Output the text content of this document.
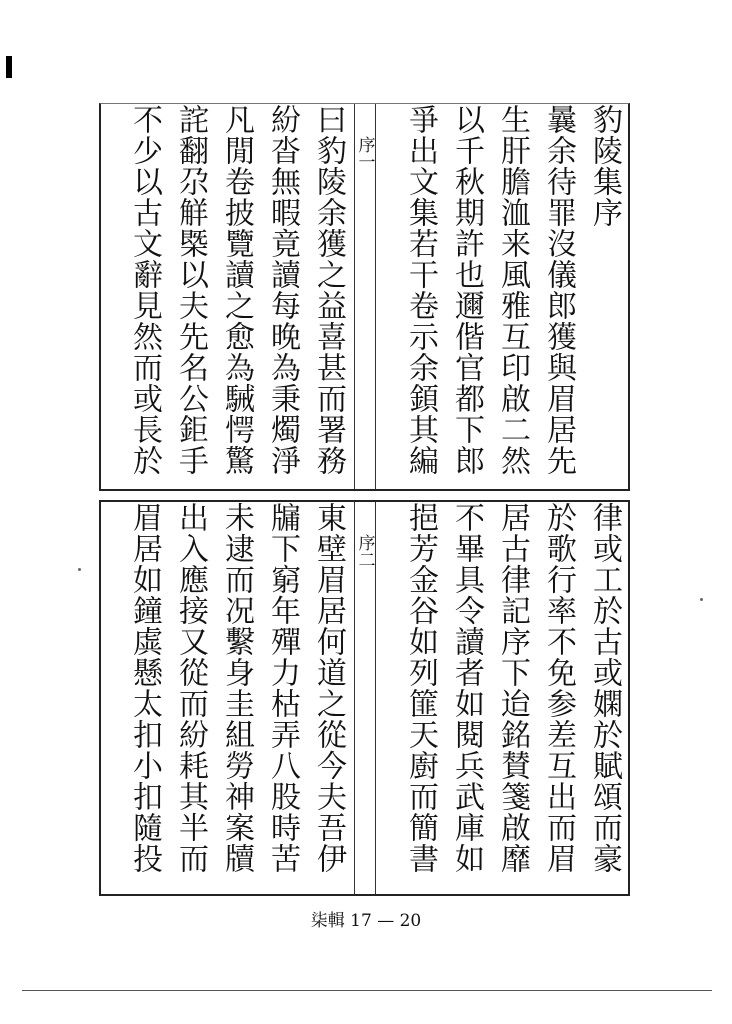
豹陵集序
曩余待罪沒儀郎獲與眉居先
生肝膽洫来風雅互印啟二然
以千秋期許也邇偕官都下郎
爭出文集若干卷示余顉其編
序一
曰豹陵余獲之益喜甚而署務
紛沓無暇竟讀每晚為秉燭淨
凡閒卷披覽讀之愈為駴愕驚
詫翻尕觧㮣以夫先名公鉅手
不少以古文辭見然而或長於
律或工於古或嫻於賦頌而豪
於歌行率不免参差互出而眉
居古律記序下迨銘賛箋啟靡
不畢具令讀者如閱兵武庫如
挹芳金谷如列篚天廚而簡書
序二
東壁眉居何道之從今夫吾伊
牖下窮年殫力枯弄八股時苦
未逮而况繫身圭組勞神案牘
出入應接又從而紛耗其半而
眉居如鐘虡懸太扣小扣隨投
柒輯 17 — 20
